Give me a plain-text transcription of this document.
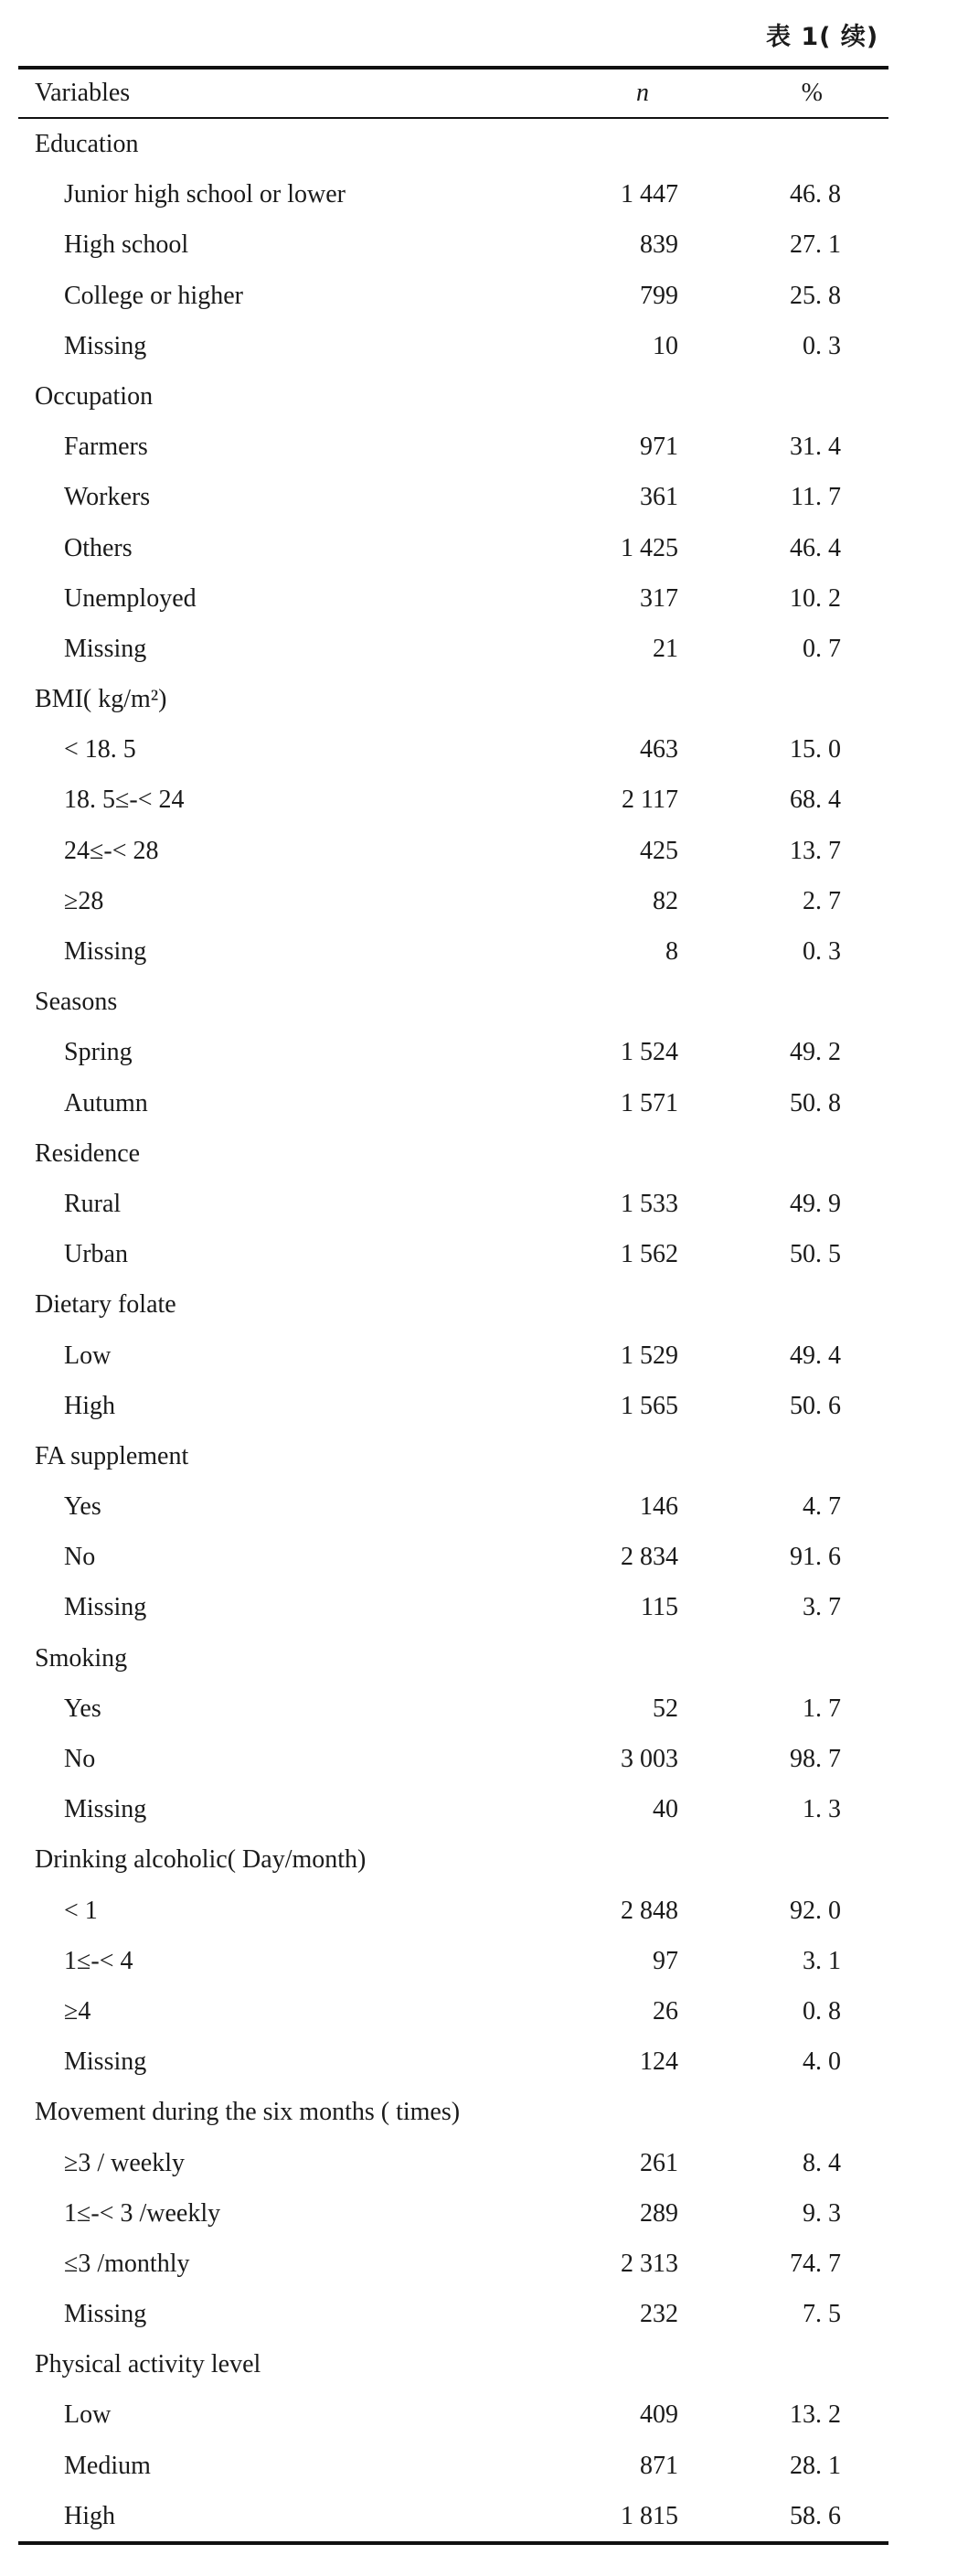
表 1( 续)
Variables	n	%
Education
Junior high school or lower	1 447	46. 8
High school	839	27. 1
College or higher	799	25. 8
Missing	10	0. 3
Occupation
Farmers	971	31. 4
Workers	361	11. 7
Others	1 425	46. 4
Unemployed	317	10. 2
Missing	21	0. 7
BMI( kg/m²)
< 18. 5	463	15. 0
18. 5≤-< 24	2 117	68. 4
24≤-< 28	425	13. 7
≥28	82	2. 7
Missing	8	0. 3
Seasons
Spring	1 524	49. 2
Autumn	1 571	50. 8
Residence
Rural	1 533	49. 9
Urban	1 562	50. 5
Dietary folate
Low	1 529	49. 4
High	1 565	50. 6
FA supplement
Yes	146	4. 7
No	2 834	91. 6
Missing	115	3. 7
Smoking
Yes	52	1. 7
No	3 003	98. 7
Missing	40	1. 3
Drinking alcoholic( Day/month)
< 1	2 848	92. 0
1≤-< 4	97	3. 1
≥4	26	0. 8
Missing	124	4. 0
Movement during the six months ( times)
≥3 / weekly	261	8. 4
1≤-< 3 /weekly	289	9. 3
≤3 /monthly	2 313	74. 7
Missing	232	7. 5
Physical activity level
Low	409	13. 2
Medium	871	28. 1
High	1 815	58. 6
